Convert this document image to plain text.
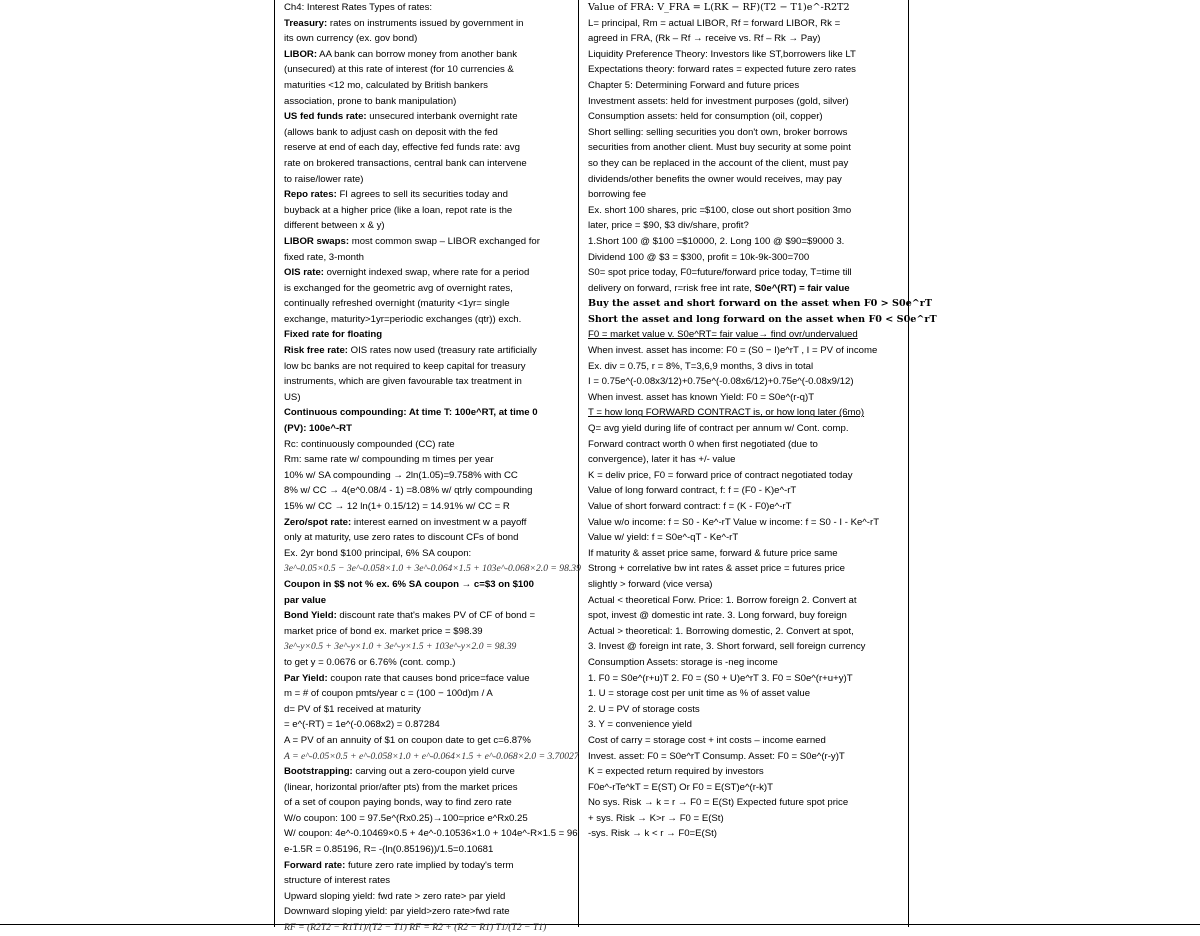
Ch4: Interest Rates Types of rates:
Treasury: rates on instruments issued by government in
its own currency (ex. gov bond)
LIBOR: AA bank can borrow money from another bank
(unsecured) at this rate of interest (for 10 currencies &
maturities <12 mo, calculated by British bankers
association, prone to bank manipulation)
US fed funds rate: unsecured interbank overnight rate
(allows bank to adjust cash on deposit with the fed
reserve at end of each day, effective fed funds rate: avg
rate on brokered transactions, central bank can intervene
to raise/lower rate)
Repo rates: FI agrees to sell its securities today and
buyback at a higher price (like a loan, repot rate is the
different between x & y)
LIBOR swaps: most common swap – LIBOR exchanged for
fixed rate, 3-month
OIS rate: overnight indexed swap, where rate for a period
is exchanged for the geometric avg of overnight rates,
continually refreshed overnight (maturity <1yr= single
exchange, maturity>1yr=periodic exchanges (qtr)) exch.
Fixed rate for floating
Risk free rate: OIS rates now used (treasury rate artificially
low bc banks are not required to keep capital for treasury
instruments, which are given favourable tax treatment in
US)
Continuous compounding: At time T: 100e^RT, at time 0
(PV): 100e^-RT
Rc: continuously compounded (CC) rate
Rm: same rate w/ compounding m times per year
10% w/ SA compounding → 2ln(1.05)=9.758% with CC
8% w/ CC → 4(e^0.08/4 - 1) =8.08% w/ qtrly compounding
15% w/ CC → 12 ln(1+ 0.15/12) = 14.91% w/ CC = R
Zero/spot rate: interest earned on investment w a payoff
only at maturity, use zero rates to discount CFs of bond
Ex. 2yr bond $100 principal, 6% SA coupon:
3e^-0.05×0.5 − 3e^-0.058×1.0 + 3e^-0.064×1.5 + 103e^-0.068×2.0 = 98.39
Coupon in $$ not % ex. 6% SA coupon → c=$3 on $100
par value
Bond Yield: discount rate that's makes PV of CF of bond =
market price of bond ex. market price = $98.39
3e^-y×0.5 + 3e^-y×1.0 + 3e^-y×1.5 + 103e^-y×2.0 = 98.39
to get y = 0.0676 or 6.76% (cont. comp.)
Par Yield: coupon rate that causes bond price=face value
m = # of coupon pmts/year c = (100 − 100d)m / A
d= PV of $1 received at maturity
= e^(-RT) = 1e^(-0.068x2) = 0.87284
A = PV of an annuity of $1 on coupon date to get c=6.87%
A = e^-0.05×0.5 + e^-0.058×1.0 + e^-0.064×1.5 + e^-0.068×2.0 = 3.70027
Bootstrapping: carving out a zero-coupon yield curve
(linear, horizontal prior/after pts) from the market prices
of a set of coupon paying bonds, way to find zero rate
W/o coupon: 100 = 97.5e^(Rx0.25)→100=price e^Rx0.25
W/ coupon: 4e^-0.10469×0.5 + 4e^-0.10536×1.0 + 104e^-R×1.5 = 96
e-1.5R = 0.85196, R= -(ln(0.85196))/1.5=0.10681
Forward rate: future zero rate implied by today's term
structure of interest rates
Upward sloping yield: fwd rate > zero rate> par yield
Downward sloping yield: par yield>zero rate>fwd rate
RF = (R2T2 − R1T1)/(T2 − T1) RF = R2 + (R2 − R1) T1/(T2 − T1)
Value of FRA: V_FRA = L(RK − RF)(T2 − T1)e^-R2T2
L= principal, Rm = actual LIBOR, Rf = forward LIBOR, Rk =
agreed in FRA, (Rk – Rf → receive vs. Rf – Rk → Pay)
Liquidity Preference Theory: Investors like ST,borrowers like LT
Expectations theory: forward rates = expected future zero rates
Chapter 5: Determining Forward and future prices
Investment assets: held for investment purposes (gold, silver)
Consumption assets: held for consumption (oil, copper)
Short selling: selling securities you don't own, broker borrows
securities from another client. Must buy security at some point
so they can be replaced in the account of the client, must pay
dividends/other benefits the owner would receives, may pay
borrowing fee
Ex. short 100 shares, pric =$100, close out short position 3mo
later, price = $90, $3 div/share, profit?
1.Short 100 @ $100 =$10000, 2. Long 100 @ $90=$9000 3.
Dividend 100 @ $3 = $300, profit = 10k-9k-300=700
S0= spot price today, F0=future/forward price today, T=time till
delivery on forward, r=risk free int rate, S0e^(RT) = fair value
Buy the asset and short forward on the asset when F0 > S0e^rT
Short the asset and long forward on the asset when F0 < S0e^rT
F0 = market value v. S0e^RT= fair value→ find ovr/undervalued
When invest. asset has income: F0 = (S0 − I)e^rT , I = PV of income
Ex. div = 0.75, r = 8%, T=3,6,9 months, 3 divs in total
I = 0.75e^(-0.08x3/12)+0.75e^(-0.08x6/12)+0.75e^(-0.08x9/12)
When invest. asset has known Yield: F0 = S0e^(r-q)T
T = how long FORWARD CONTRACT is, or how long later (6mo)
Q= avg yield during life of contract per annum w/ Cont. comp.
Forward contract worth 0 when first negotiated (due to
convergence), later it has +/- value
K = deliv price, F0 = forward price of contract negotiated today
Value of long forward contract, f: f = (F0 - K)e^-rT
Value of short forward contract: f = (K - F0)e^-rT
Value w/o income: f = S0 - Ke^-rT Value w income: f = S0 - I - Ke^-rT
Value w/ yield: f = S0e^-qT - Ke^-rT
If maturity & asset price same, forward & future price same
Strong + correlative bw int rates & asset price = futures price
slightly > forward (vice versa)
Actual < theoretical Forw. Price: 1. Borrow foreign 2. Convert at
spot, invest @ domestic int rate. 3. Long forward, buy foreign
Actual > theoretical: 1. Borrowing domestic, 2. Convert at spot,
3. Invest @ foreign int rate, 3. Short forward, sell foreign currency
Consumption Assets: storage is -neg income
1. F0 = S0e^(r+u)T 2. F0 = (S0 + U)e^rT 3. F0 = S0e^(r+u+y)T
1. U = storage cost per unit time as % of asset value
2. U = PV of storage costs
3. Y = convenience yield
Cost of carry = storage cost + int costs – income earned
Invest. asset: F0 = S0e^rT Consump. Asset: F0 = S0e^(r-y)T
K = expected return required by investors
F0e^-rTe^kT = E(ST) Or F0 = E(ST)e^(r-k)T
No sys. Risk → k = r → F0 = E(St) Expected future spot price
+ sys. Risk → K>r → F0 = E(St)
-sys. Risk → k < r → F0=E(St)
